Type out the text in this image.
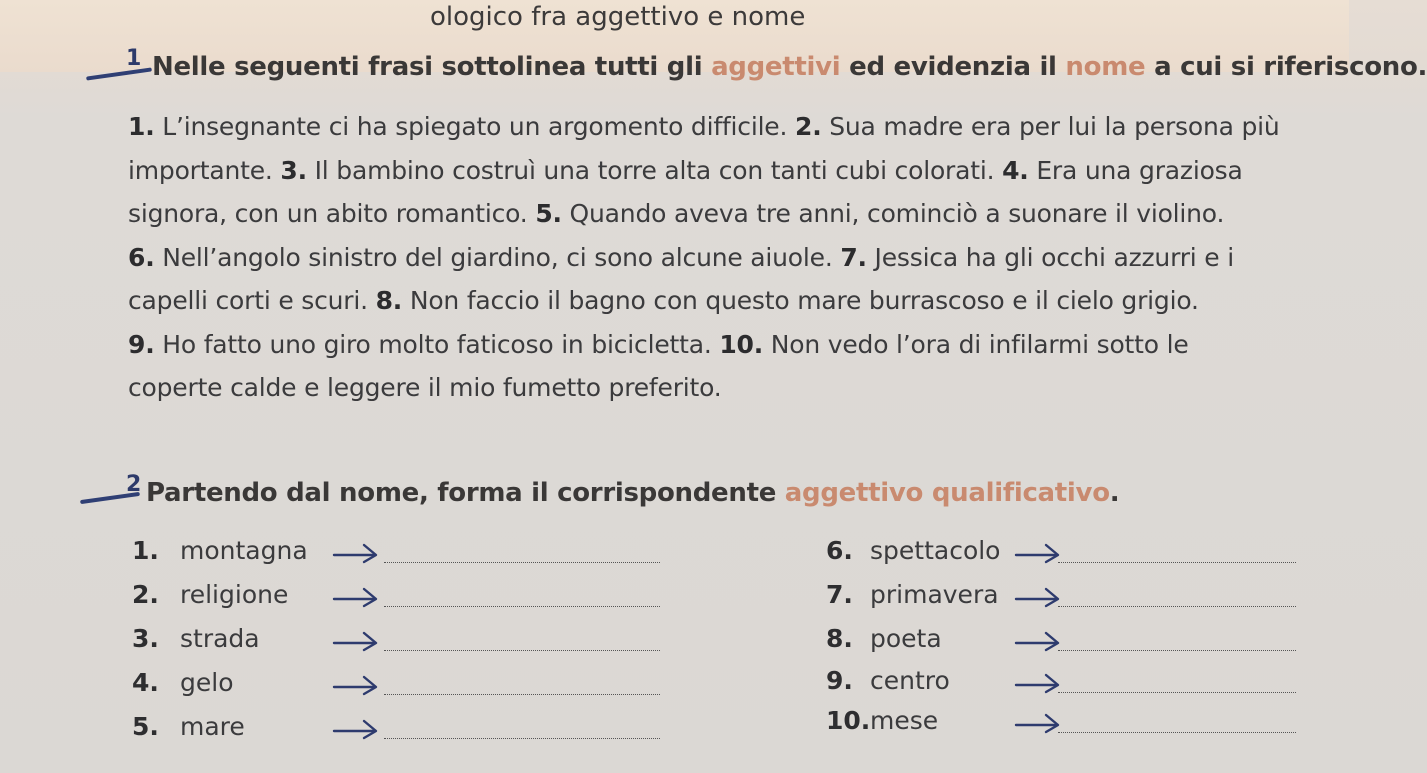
ologico fra aggettivo e nome
1 Nelle seguenti frasi sottolinea tutti gli aggettivi ed evidenzia il nome a cui si riferiscono.
1. L’insegnante ci ha spiegato un argomento difficile. 2. Sua madre era per lui la persona più
importante. 3. Il bambino costruì una torre alta con tanti cubi colorati. 4. Era una graziosa
signora, con un abito romantico. 5. Quando aveva tre anni, cominciò a suonare il violino.
6. Nell’angolo sinistro del giardino, ci sono alcune aiuole. 7. Jessica ha gli occhi azzurri e i
capelli corti e scuri. 8. Non faccio il bagno con questo mare burrascoso e il cielo grigio.
9. Ho fatto uno giro molto faticoso in bicicletta. 10. Non vedo l’ora di infilarmi sotto le
coperte calde e leggere il mio fumetto preferito.
2 Partendo dal nome, forma il corrispondente aggettivo qualificativo.
1. montagna
2. religione
3. strada
4. gelo
5. mare
6. spettacolo
7. primavera
8. poeta
9. centro
10. mese
